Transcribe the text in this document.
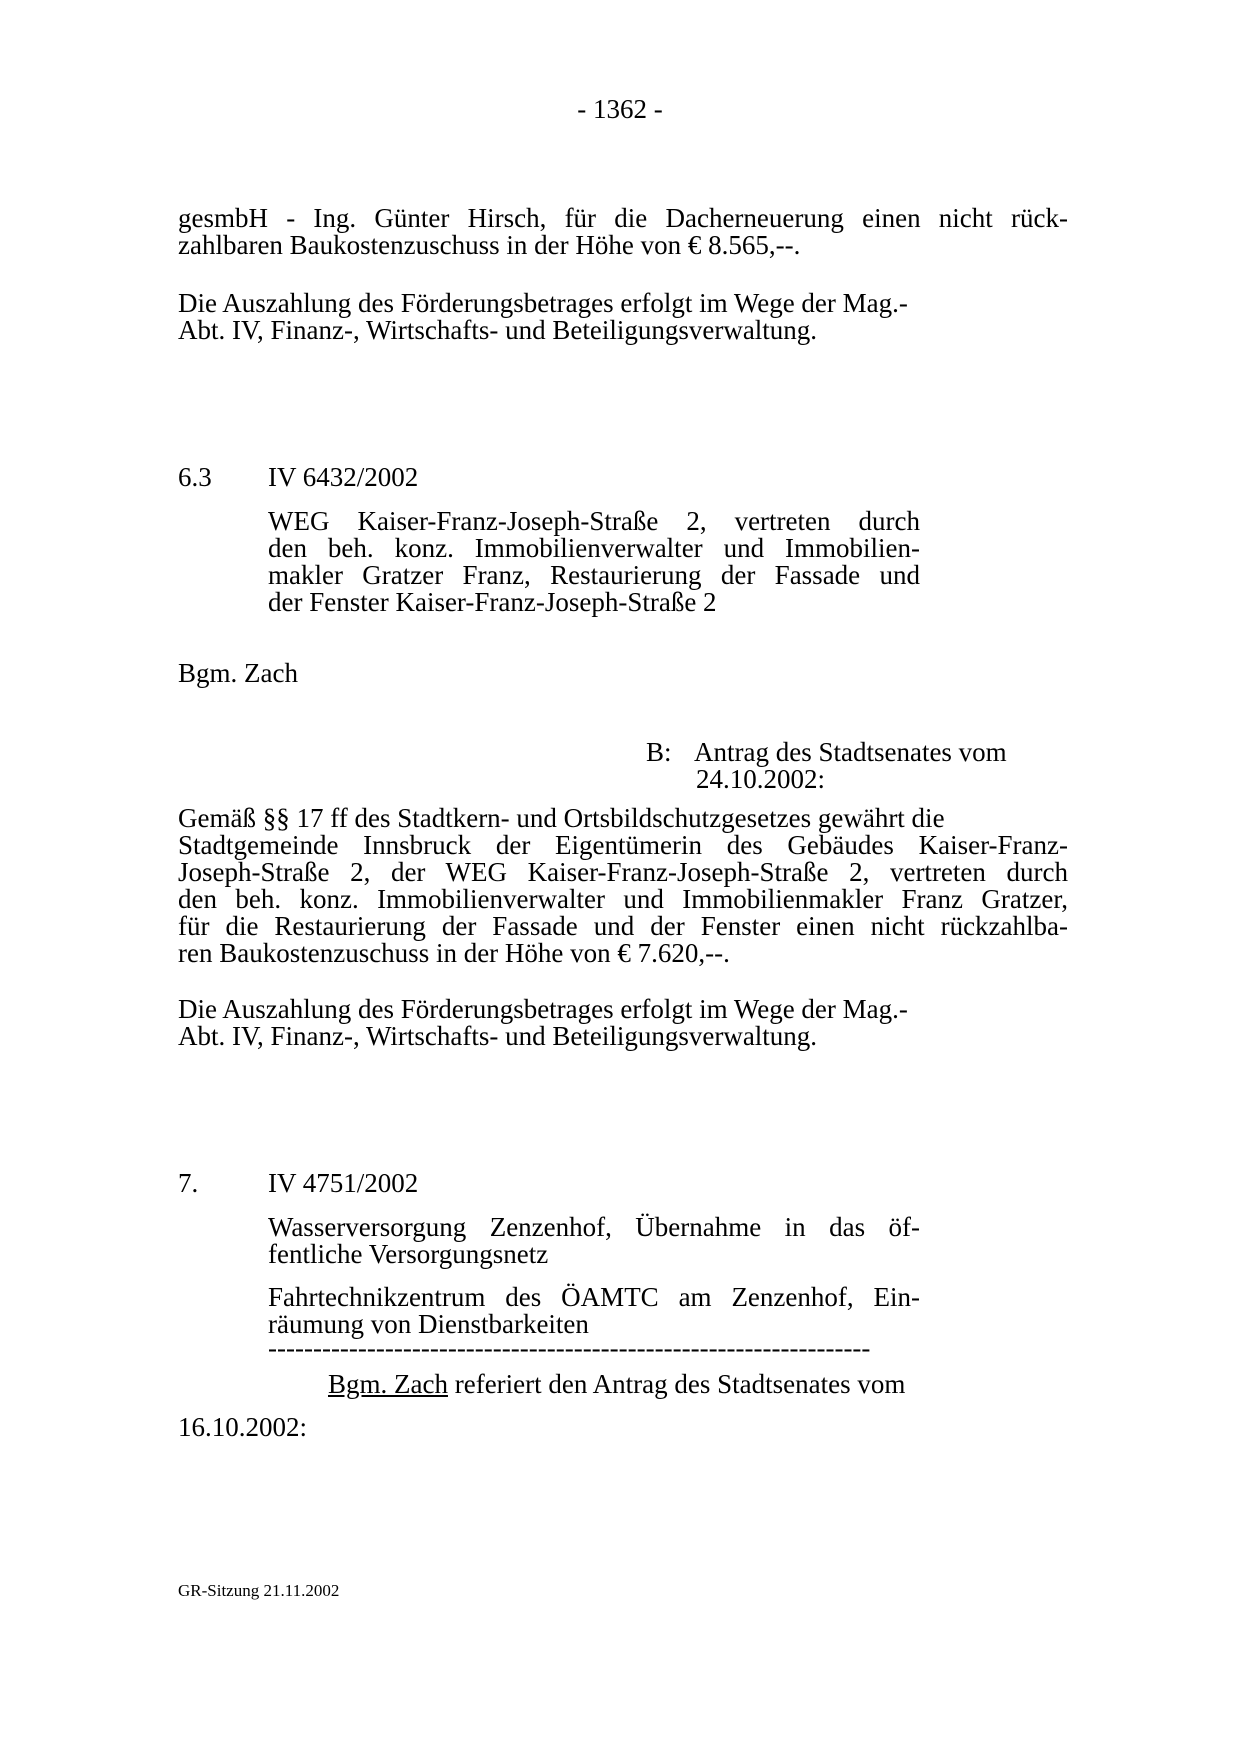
- 1362 -
gesmbH - Ing. Günter Hirsch, für die Dacherneuerung einen nicht rück-
zahlbaren Baukostenzuschuss in der Höhe von € 8.565,--.
Die Auszahlung des Förderungsbetrages erfolgt im Wege der Mag.-
Abt. IV, Finanz-, Wirtschafts- und Beteiligungsverwaltung.
6.3 IV 6432/2002
WEG Kaiser-Franz-Joseph-Straße 2, vertreten durch
den beh. konz. Immobilienverwalter und Immobilien-
makler Gratzer Franz, Restaurierung der Fassade und
der Fenster Kaiser-Franz-Joseph-Straße 2
Bgm. Zach
B: Antrag des Stadtsenates vom
24.10.2002:
Gemäß §§ 17 ff des Stadtkern- und Ortsbildschutzgesetzes gewährt die
Stadtgemeinde Innsbruck der Eigentümerin des Gebäudes Kaiser-Franz-
Joseph-Straße 2, der WEG Kaiser-Franz-Joseph-Straße 2, vertreten durch
den beh. konz. Immobilienverwalter und Immobilienmakler Franz Gratzer,
für die Restaurierung der Fassade und der Fenster einen nicht rückzahlba-
ren Baukostenzuschuss in der Höhe von € 7.620,--.
Die Auszahlung des Förderungsbetrages erfolgt im Wege der Mag.-
Abt. IV, Finanz-, Wirtschafts- und Beteiligungsverwaltung.
7.	IV 4751/2002
Wasserversorgung Zenzenhof, Übernahme in das öf-
fentliche Versorgungsnetz
Fahrtechnikzentrum des ÖAMTC am Zenzenhof, Ein-
räumung von Dienstbarkeiten
-------------------------------------------------------------------
Bgm. Zach referiert den Antrag des Stadtsenates vom
16.10.2002:
GR-Sitzung 21.11.2002
